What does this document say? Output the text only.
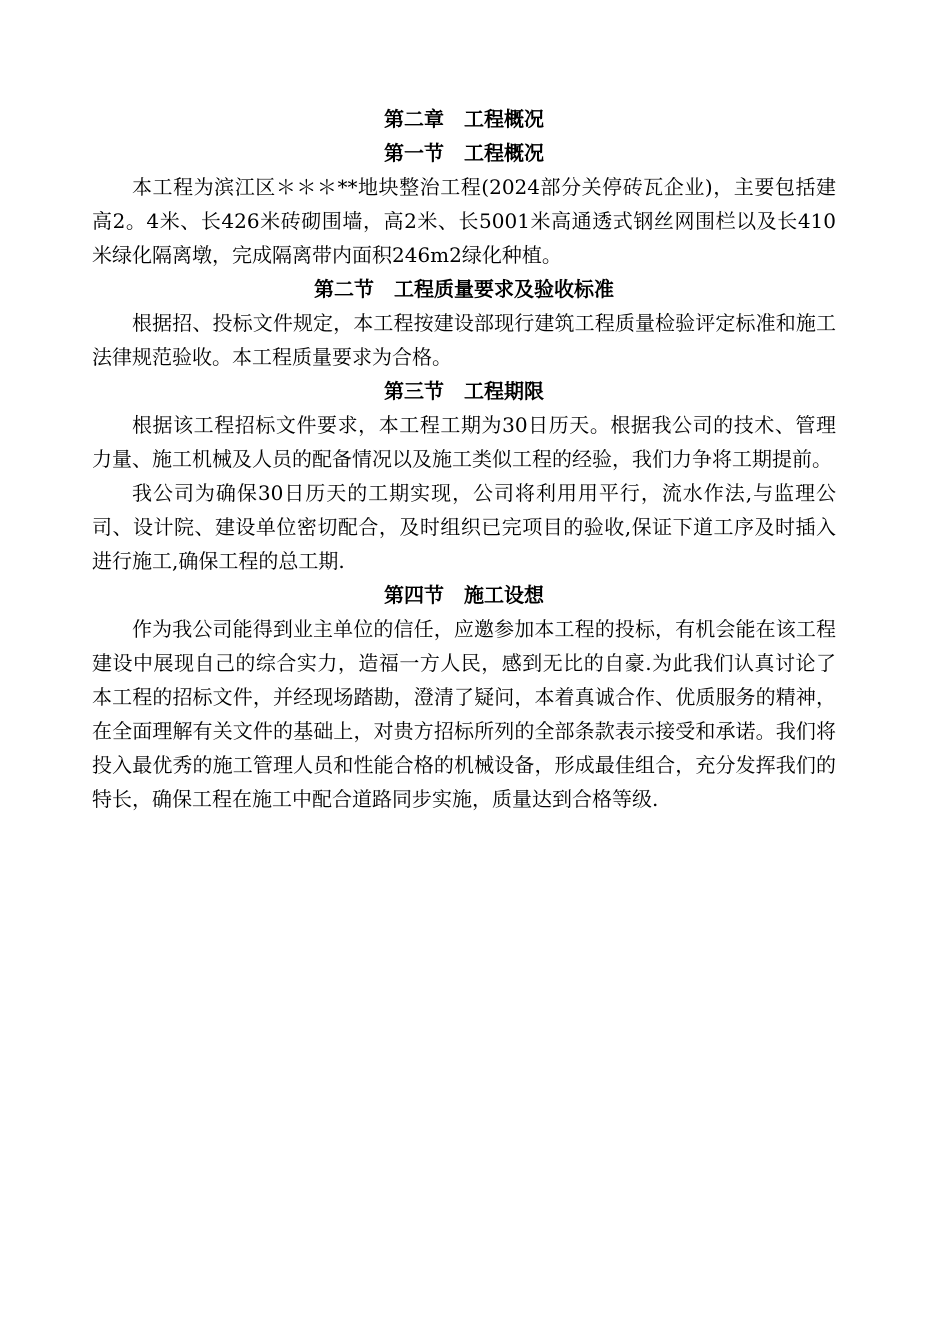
第二章　工程概况
第一节　工程概况

本工程为滨江区＊＊＊**地块整治工程(2024部分关停砖瓦企业)，主要包括建高2。4米、长426米砖砌围墙，高2米、长5001米高通透式钢丝网围栏以及长410米绿化隔离墩，完成隔离带内面积246m2绿化种植。

第二节　工程质量要求及验收标准

根据招、投标文件规定，本工程按建设部现行建筑工程质量检验评定标准和施工法律规范验收。本工程质量要求为合格。

第三节　工程期限

根据该工程招标文件要求，本工程工期为30日历天。根据我公司的技术、管理力量、施工机械及人员的配备情况以及施工类似工程的经验，我们力争将工期提前。

我公司为确保30日历天的工期实现，公司将利用用平行，流水作法,与监理公司、设计院、建设单位密切配合，及时组织已完项目的验收,保证下道工序及时插入进行施工,确保工程的总工期.

第四节　施工设想

作为我公司能得到业主单位的信任，应邀参加本工程的投标，有机会能在该工程建设中展现自己的综合实力，造福一方人民，感到无比的自豪.为此我们认真讨论了本工程的招标文件，并经现场踏勘，澄清了疑问，本着真诚合作、优质服务的精神，在全面理解有关文件的基础上，对贵方招标所列的全部条款表示接受和承诺。我们将投入最优秀的施工管理人员和性能合格的机械设备，形成最佳组合，充分发挥我们的特长，确保工程在施工中配合道路同步实施，质量达到合格等级.
